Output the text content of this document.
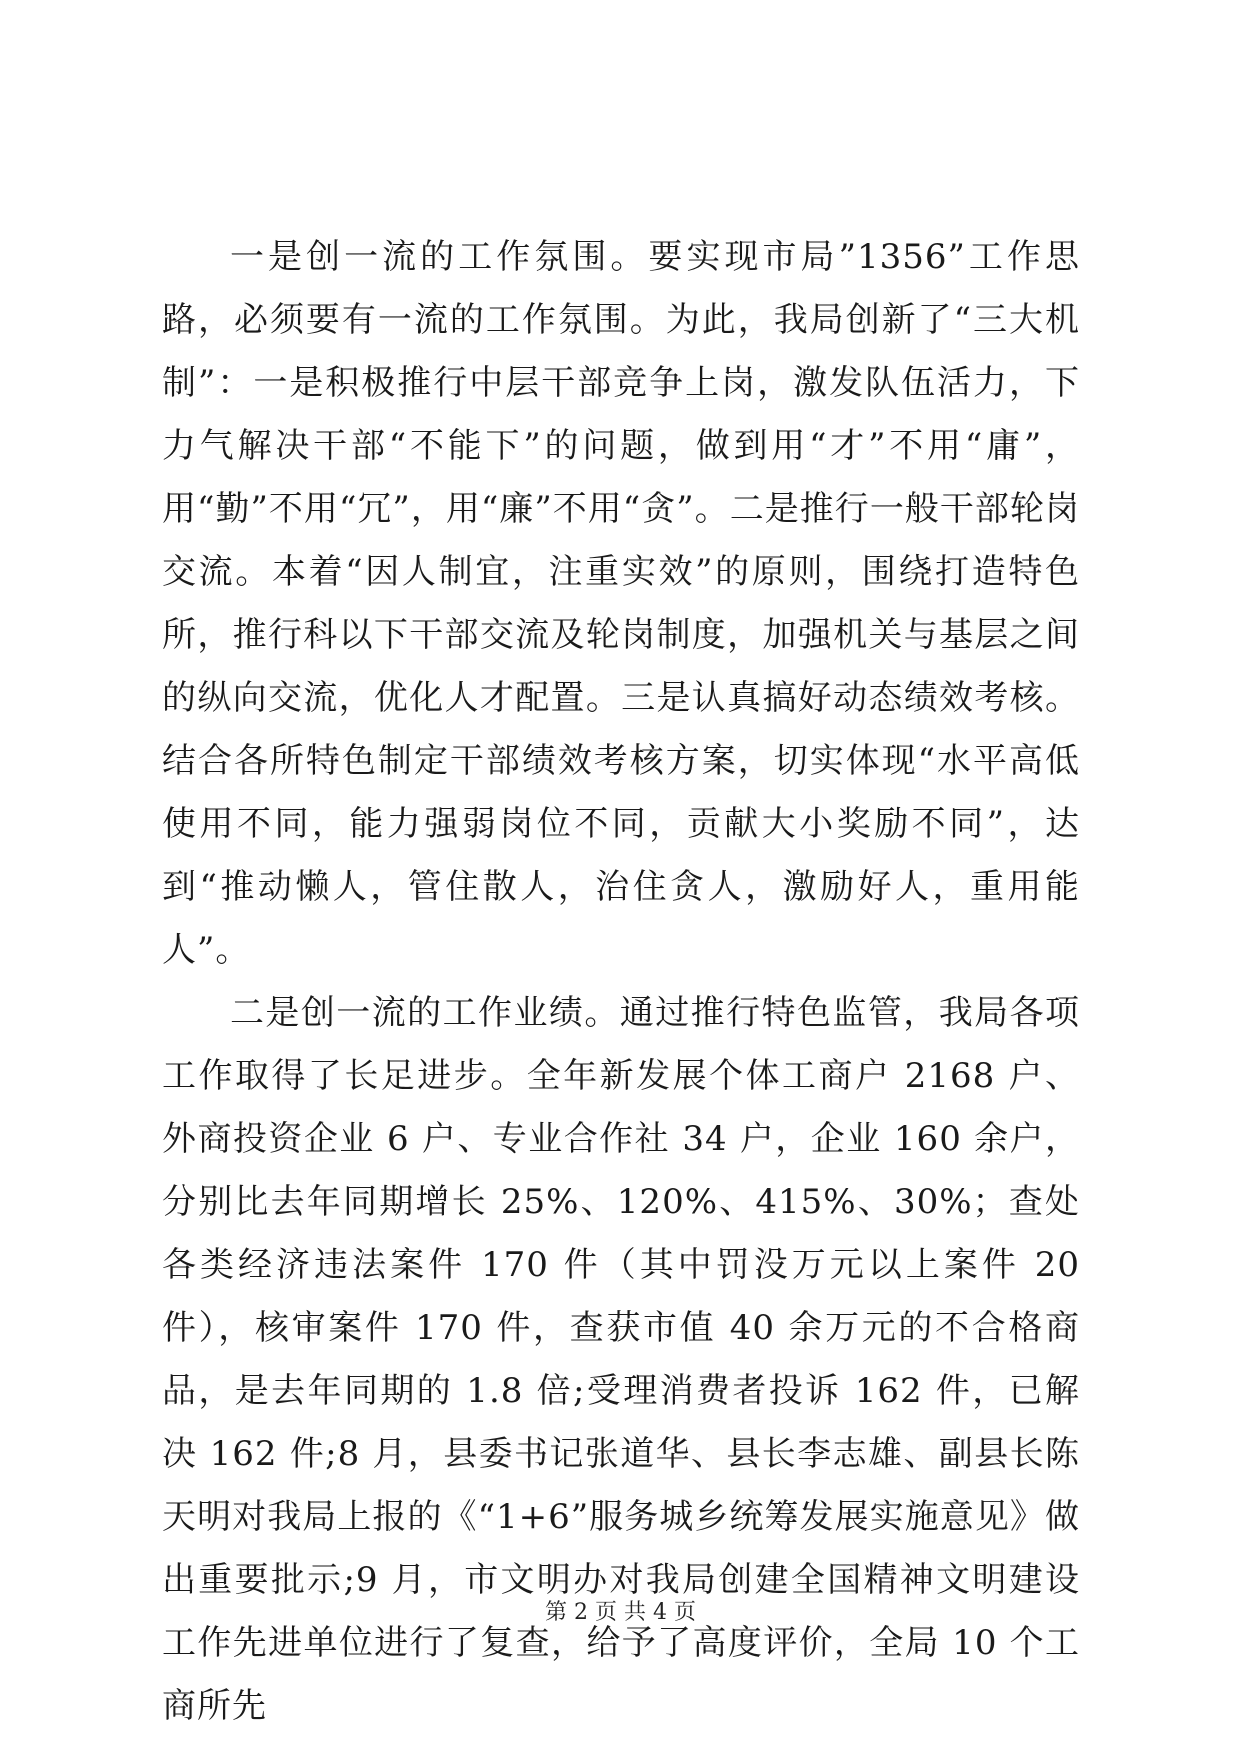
一是创一流的工作氛围。要实现市局”1356”工作思路，必须要有一流的工作氛围。为此，我局创新了“三大机制”：一是积极推行中层干部竞争上岗，激发队伍活力，下力气解决干部“不能下”的问题，做到用“才”不用“庸”，用“勤”不用“冗”，用“廉”不用“贪”。二是推行一般干部轮岗交流。本着“因人制宜，注重实效”的原则，围绕打造特色所，推行科以下干部交流及轮岗制度，加强机关与基层之间的纵向交流，优化人才配置。三是认真搞好动态绩效考核。结合各所特色制定干部绩效考核方案，切实体现“水平高低使用不同，能力强弱岗位不同，贡献大小奖励不同”，达到“推动懒人，管住散人，治住贪人，激励好人，重用能人”。

二是创一流的工作业绩。通过推行特色监管，我局各项工作取得了长足进步。全年新发展个体工商户 2168 户、外商投资企业 6 户、专业合作社 34 户，企业 160 余户，分别比去年同期增长 25%、120%、415%、30%；查处各类经济违法案件 170 件（其中罚没万元以上案件 20 件），核审案件 170 件，查获市值 40 余万元的不合格商品，是去年同期的 1.8 倍;受理消费者投诉 162 件，已解决 162 件;8 月，县委书记张道华、县长李志雄、副县长陈天明对我局上报的《“1+6”服务城乡统筹发展实施意见》做出重要批示;9 月，市文明办对我局创建全国精神文明建设工作先进单位进行了复查，给予了高度评价，全局 10 个工商所先

第 2 页 共 4 页
